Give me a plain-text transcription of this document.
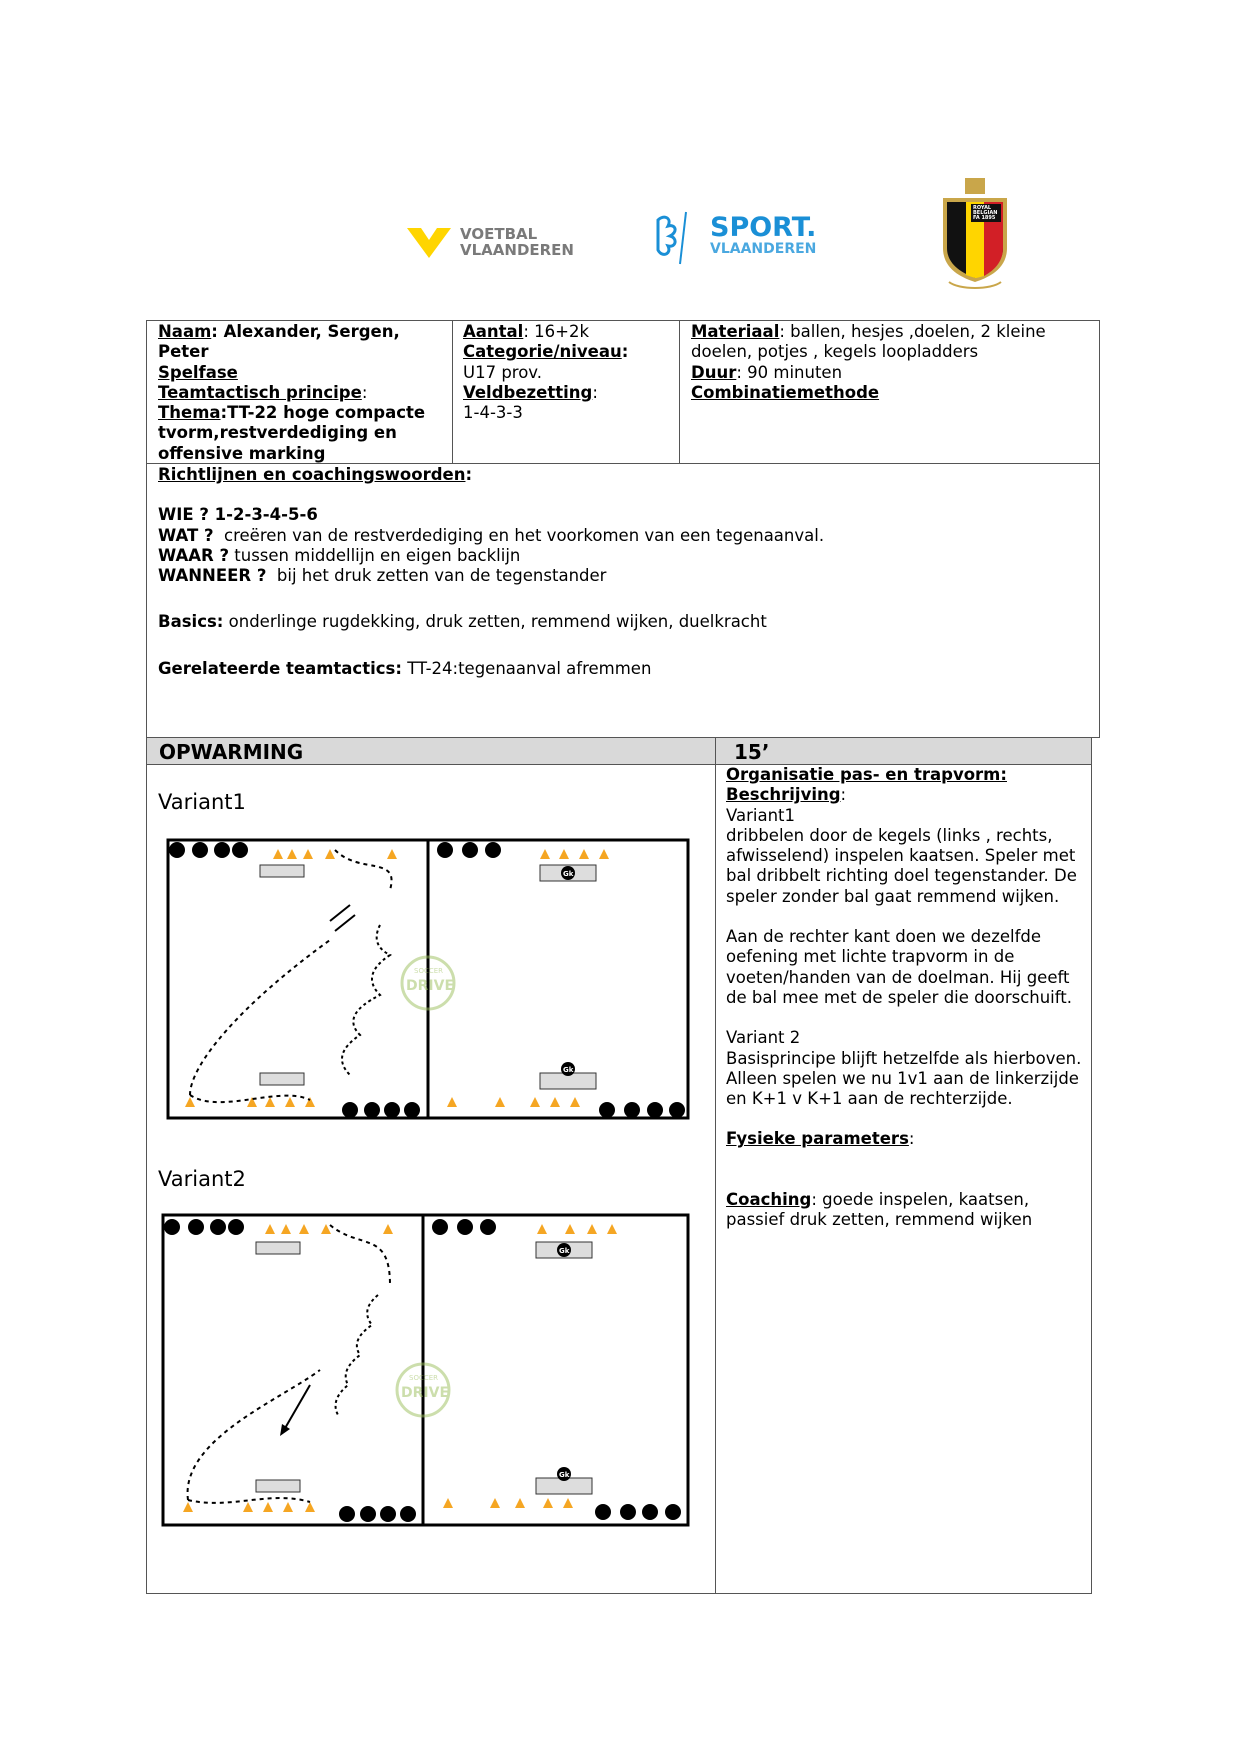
VOETBAL
VLAANDEREN
SPORT.
VLAANDEREN
ROYAL BELGIAN FA 1895

Naam: Alexander, Sergen, Peter

Spelfase

Teamtactisch principe:

Thema:TT-22 hoge compacte tvorm,restverdediging en offensive marking

Aantal: 16+2k

Categorie/niveau:

U17 prov.

Veldbezetting:

1-4-3-3

Materiaal: ballen, hesjes ,doelen, 2 kleine doelen, potjes , kegels loopladders

Duur: 90 minuten

Combinatiemethode

Richtlijnen en coachingswoorden:

WIE ? 1-2-3-4-5-6

WAT ?  creëren van de restverdediging en het voorkomen van een tegenaanval.

WAAR ? tussen middellijn en eigen backlijn

WANNEER ?  bij het druk zetten van de tegenstander

Basics: onderlinge rugdekking, druk zetten, remmend wijken, duelkracht

Gerelateerde teamtactics: TT-24:tegenaanval afremmen

OPWARMING	15’
Variant1
Variant2
Gk
Gk
SOCCER
DRIVE
Gk
Gk
SOCCER
DRIVE

Organisatie pas- en trapvorm:

Beschrijving:

Variant1

dribbelen door de kegels (links , rechts, afwisselend) inspelen kaatsen. Speler met bal dribbelt richting doel tegenstander. De speler zonder bal gaat remmend wijken.

Aan de rechter kant doen we dezelfde oefening met lichte trapvorm in de voeten/handen van de doelman. Hij geeft de bal mee met de speler die doorschuift.

Variant 2

Basisprincipe blijft hetzelfde als hierboven. Alleen spelen we nu 1v1 aan de linkerzijde en K+1 v K+1 aan de rechterzijde.

Fysieke parameters:

Coaching: goede inspelen, kaatsen, passief druk zetten, remmend wijken
